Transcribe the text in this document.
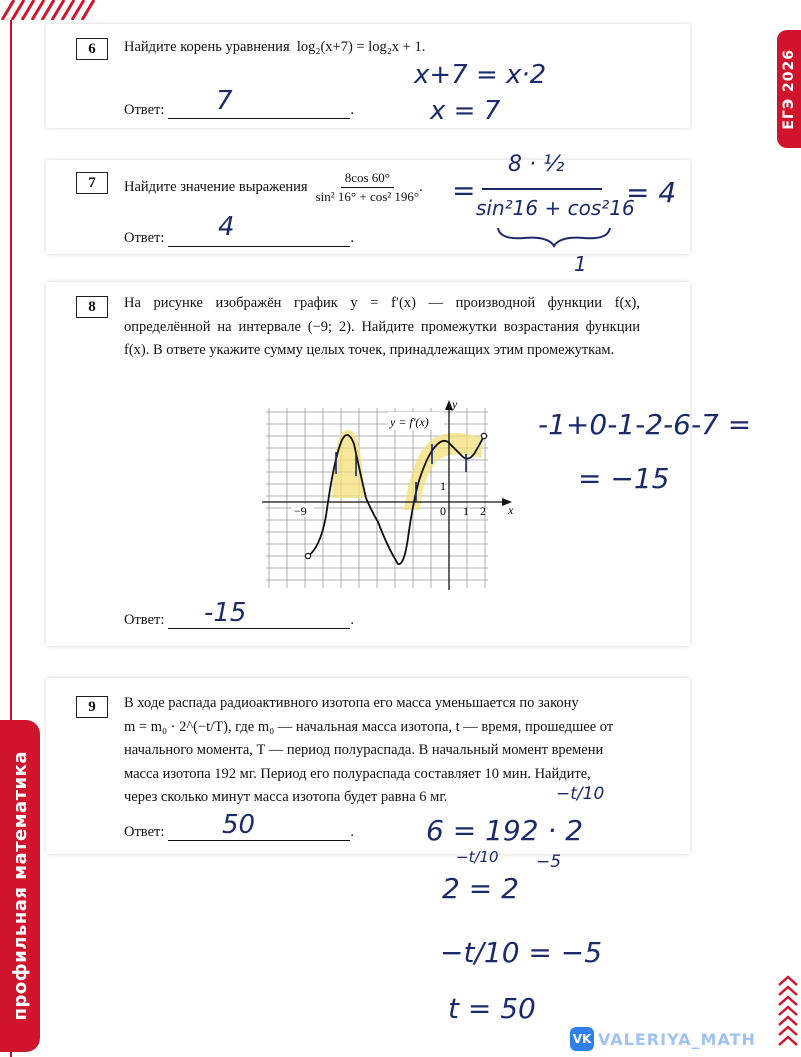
ЕГЭ 2026
профильная математика
6	Найдите корень уравнения log₂(x+7) = log₂x + 1.
Ответ:	.
7
x+7 = x·2
x = 7
7	Найдите значение выражения
8cos 60°
sin² 16° + cos² 196°
.
Ответ:	.
4
=
8 · ½
sin²16 + cos²16
= 4
1
8	На рисунке изображён график y = f′(x) — производной функции f(x), определённой на интервале (−9; 2). Найдите промежутки возрастания функции f(x). В ответе укажите сумму целых точек, принадлежащих этим промежуткам.
Ответ:	.
y = f′(x)
y
x
−9	0 1 2
1
-1+0-1-2-6-7 =
= −15
-15
9	В ходе распада радиоактивного изотопа его масса уменьшается по закону
m = m₀ · 2^(−t/T), где m₀ — начальная масса изотопа, t — время, прошедшее от
начального момента, T — период полураспада. В начальный момент времени
масса изотопа 192 мг. Период его полураспада составляет 10 мин. Найдите,
через сколько минут масса изотопа будет равна 6 мг.
Ответ:	.
50
−t/10
6 = 192 · 2
−t/10 −5
2 = 2
−t/10 = −5
t = 50
VK VALERIYA_MATH
